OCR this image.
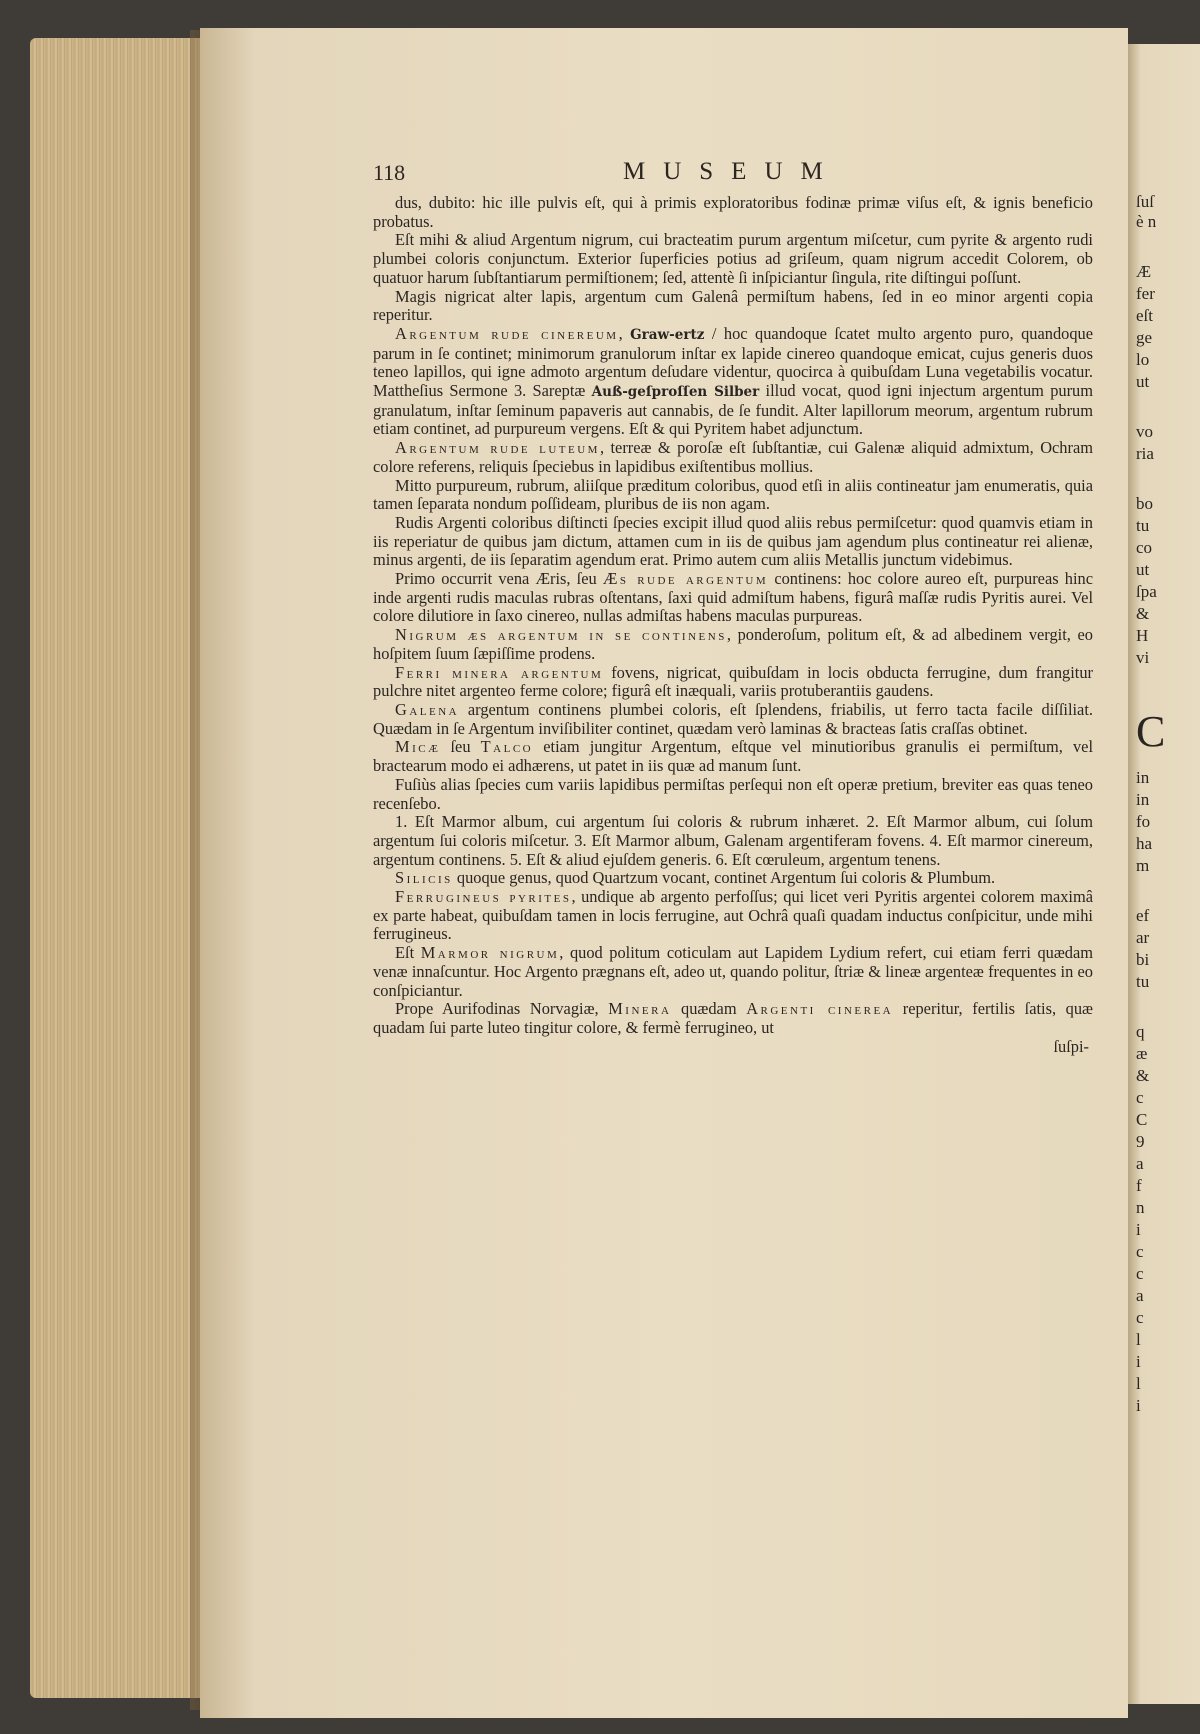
ſuſ
è n
Æ
fer
eſt
ge
lo
ut
vo
ria
bo
tu
co
ut
ſpa
&
H
vi
C
in
in
fo
ha
m
ef
ar
bi
tu
q
æ
&
c
C
9
a
f
n
i
c
c
a
c
l
i
l
i
118	MUSEUM

dus, dubito: hic ille pulvis eſt, qui à primis exploratoribus fodinæ primæ viſus eſt, & ignis beneficio probatus.

Eſt mihi & aliud Argentum nigrum, cui bracteatim purum argentum miſcetur, cum pyrite & argento rudi plumbei coloris conjunctum. Exterior ſuperficies potius ad griſeum, quam nigrum accedit Colorem, ob quatuor harum ſubſtantiarum permiſtionem; ſed, attentè ſi inſpiciantur ſingula, rite diſtingui poſſunt.

Magis nigricat alter lapis, argentum cum Galenâ permiſtum habens, ſed in eo minor argenti copia reperitur.

Argentum rude cinereum, Graw-ertz / hoc quandoque ſcatet multo argento puro, quandoque parum in ſe continet; minimorum granulorum inſtar ex lapide cinereo quandoque emicat, cujus generis duos teneo lapillos, qui igne admoto argentum deſudare videntur, quocirca à quibuſdam Luna vegetabilis vocatur. Mattheſius Sermone 3. Sareptæ Auß-geſproſſen Silber illud vocat, quod igni injectum argentum purum granulatum, inſtar ſeminum papaveris aut cannabis, de ſe fundit. Alter lapillorum meorum, argentum rubrum etiam continet, ad purpureum vergens. Eſt & qui Pyritem habet adjunctum.

Argentum rude luteum, terreæ & poroſæ eſt ſubſtantiæ, cui Galenæ aliquid admixtum, Ochram colore referens, reliquis ſpeciebus in lapidibus exiſtentibus mollius.

Mitto purpureum, rubrum, aliiſque præditum coloribus, quod etſi in aliis contineatur jam enumeratis, quia tamen ſeparata nondum poſſideam, pluribus de iis non agam.

Rudis Argenti coloribus diſtincti ſpecies excipit illud quod aliis rebus permiſcetur: quod quamvis etiam in iis reperiatur de quibus jam dictum, attamen cum in iis de quibus jam agendum plus contineatur rei alienæ, minus argenti, de iis ſeparatim agendum erat. Primo autem cum aliis Metallis junctum videbimus.

Primo occurrit vena Æris, ſeu Æs rude argentum continens: hoc colore aureo eſt, purpureas hinc inde argenti rudis maculas rubras oſtentans, ſaxi quid admiſtum habens, figurâ maſſæ rudis Pyritis aurei. Vel colore dilutiore in ſaxo cinereo, nullas admiſtas habens maculas purpureas.

Nigrum æs argentum in se continens, ponderoſum, politum eſt, & ad albedinem vergit, eo hoſpitem ſuum ſæpiſſime prodens.

Ferri minera argentum fovens, nigricat, quibuſdam in locis obducta ferrugine, dum frangitur pulchre nitet argenteo ferme colore; figurâ eſt inæquali, variis protuberantiis gaudens.

Galena argentum continens plumbei coloris, eſt ſplendens, friabilis, ut ferro tacta facile diſſiliat. Quædam in ſe Argentum inviſibiliter continet, quædam verò laminas & bracteas ſatis craſſas obtinet.

Micæ ſeu Talco etiam jungitur Argentum, eſtque vel minutioribus granulis ei permiſtum, vel bractearum modo ei adhærens, ut patet in iis quæ ad manum ſunt.

Fuſiùs alias ſpecies cum variis lapidibus permiſtas perſequi non eſt operæ pretium, breviter eas quas teneo recenſebo.

1. Eſt Marmor album, cui argentum ſui coloris & rubrum inhæret. 2. Eſt Marmor album, cui ſolum argentum ſui coloris miſcetur. 3. Eſt Marmor album, Galenam argentiferam fovens. 4. Eſt marmor cinereum, argentum continens. 5. Eſt & aliud ejuſdem generis. 6. Eſt cœruleum, argentum tenens.

Silicis quoque genus, quod Quartzum vocant, continet Argentum ſui coloris & Plumbum.

Ferrugineus pyrites, undique ab argento perfoſſus; qui licet veri Pyritis argentei colorem maximâ ex parte habeat, quibuſdam tamen in locis ferrugine, aut Ochrâ quaſi quadam inductus conſpicitur, unde mihi ferrugineus.

Eſt Marmor nigrum, quod politum coticulam aut Lapidem Lydium refert, cui etiam ferri quædam venæ innaſcuntur. Hoc Argento prægnans eſt, adeo ut, quando politur, ſtriæ & lineæ argenteæ frequentes in eo conſpiciantur.

Prope Aurifodinas Norvagiæ, Minera quædam Argenti cinerea reperitur, fertilis ſatis, quæ quadam ſui parte luteo tingitur colore, & fermè ferrugineo, ut

ſuſpi-
